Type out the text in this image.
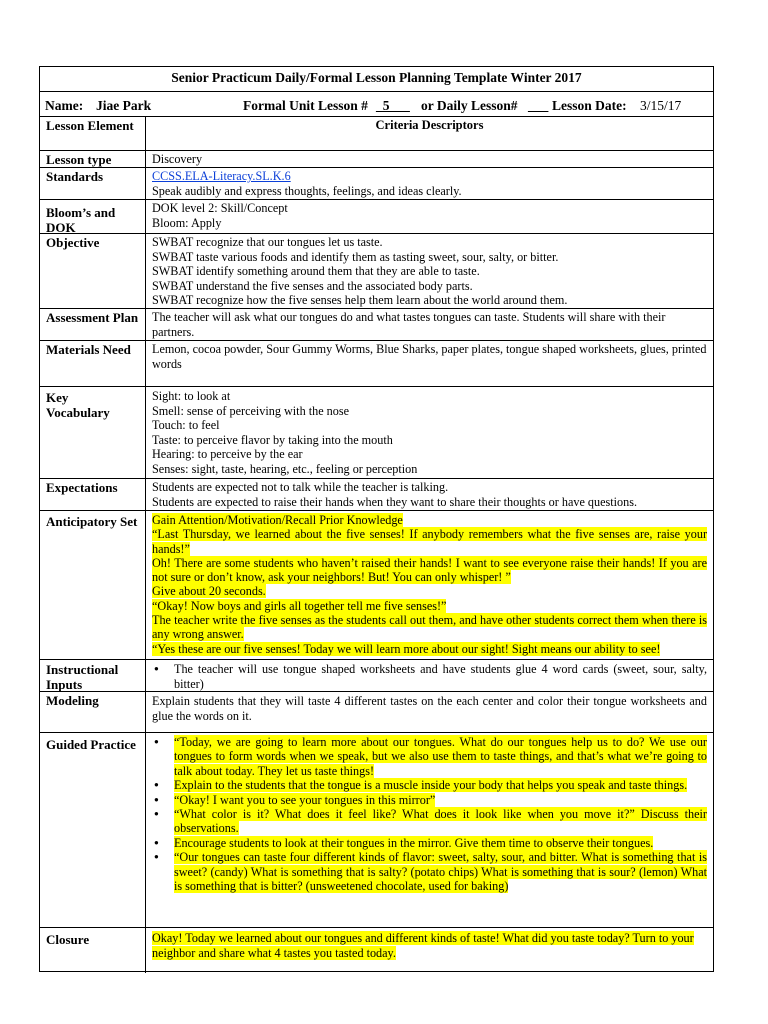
Senior Practicum Daily/Formal Lesson Planning Template Winter 2017
Name: Jiae Park	Formal Unit Lesson # _5___ or Daily Lesson# ___ Lesson Date: 3/15/17
Lesson Element	Criteria Descriptors
Lesson type	Discovery
Standards	CCSS.ELA-Literacy.SL.K.6
Speak audibly and express thoughts, feelings, and ideas clearly.
Bloom’s and
DOK
DOK level 2: Skill/Concept
Bloom: Apply
Objective	SWBAT recognize that our tongues let us taste.
SWBAT taste various foods and identify them as tasting sweet, sour, salty, or bitter.
SWBAT identify something around them that they are able to taste.
SWBAT understand the five senses and the associated body parts.
SWBAT recognize how the five senses help them learn about the world around them.
Assessment Plan	The teacher will ask what our tongues do and what tastes tongues can taste. Students will share with their partners.
Materials Need	Lemon, cocoa powder, Sour Gummy Worms, Blue Sharks, paper plates, tongue shaped worksheets, glues, printed words
Key
Vocabulary
Sight: to look at
Smell: sense of perceiving with the nose
Touch: to feel
Taste: to perceive flavor by taking into the mouth
Hearing: to perceive by the ear
Senses: sight, taste, hearing, etc., feeling or perception
Expectations	Students are expected not to talk while the teacher is talking.
Students are expected to raise their hands when they want to share their thoughts or have questions.
Anticipatory Set	Gain Attention/Motivation/Recall Prior Knowledge
“Last Thursday, we learned about the five senses! If anybody remembers what the five senses are, raise your hands!”
Oh! There are some students who haven’t raised their hands! I want to see everyone raise their hands! If you are not sure or don’t know, ask your neighbors! But! You can only whisper! ”
Give about 20 seconds.
“Okay! Now boys and girls all together tell me five senses!”
The teacher write the five senses as the students call out them, and have other students correct them when there is any wrong answer.
“Yes these are our five senses! Today we will learn more about our sight! Sight means our ability to see!
Instructional Inputs
● The teacher will use tongue shaped worksheets and have students glue 4 word cards (sweet, sour, salty, bitter)
Modeling	Explain students that they will taste 4 different tastes on the each center and color their tongue worksheets and glue the words on it.
Guided Practice
●	“Today, we are going to learn more about our tongues. What do our tongues help us to do? We use our tongues to form words when we speak, but we also use them to taste things, and that’s what we’re going to talk about today. They let us taste things!
● Explain to the students that the tongue is a muscle inside your body that helps you speak and taste things.
● “Okay! I want you to see your tongues in this mirror”
● “What color is it? What does it feel like? What does it look like when you move it?” Discuss their observations.
● Encourage students to look at their tongues in the mirror. Give them time to observe their tongues.
● “Our tongues can taste four different kinds of flavor: sweet, salty, sour, and bitter. What is something that is sweet? (candy) What is something that is salty? (potato chips) What is something that is sour? (lemon) What is something that is bitter? (unsweetened chocolate, used for baking)
Closure	Okay! Today we learned about our tongues and different kinds of taste! What did you taste today? Turn to your neighbor and share what 4 tastes you tasted today.
